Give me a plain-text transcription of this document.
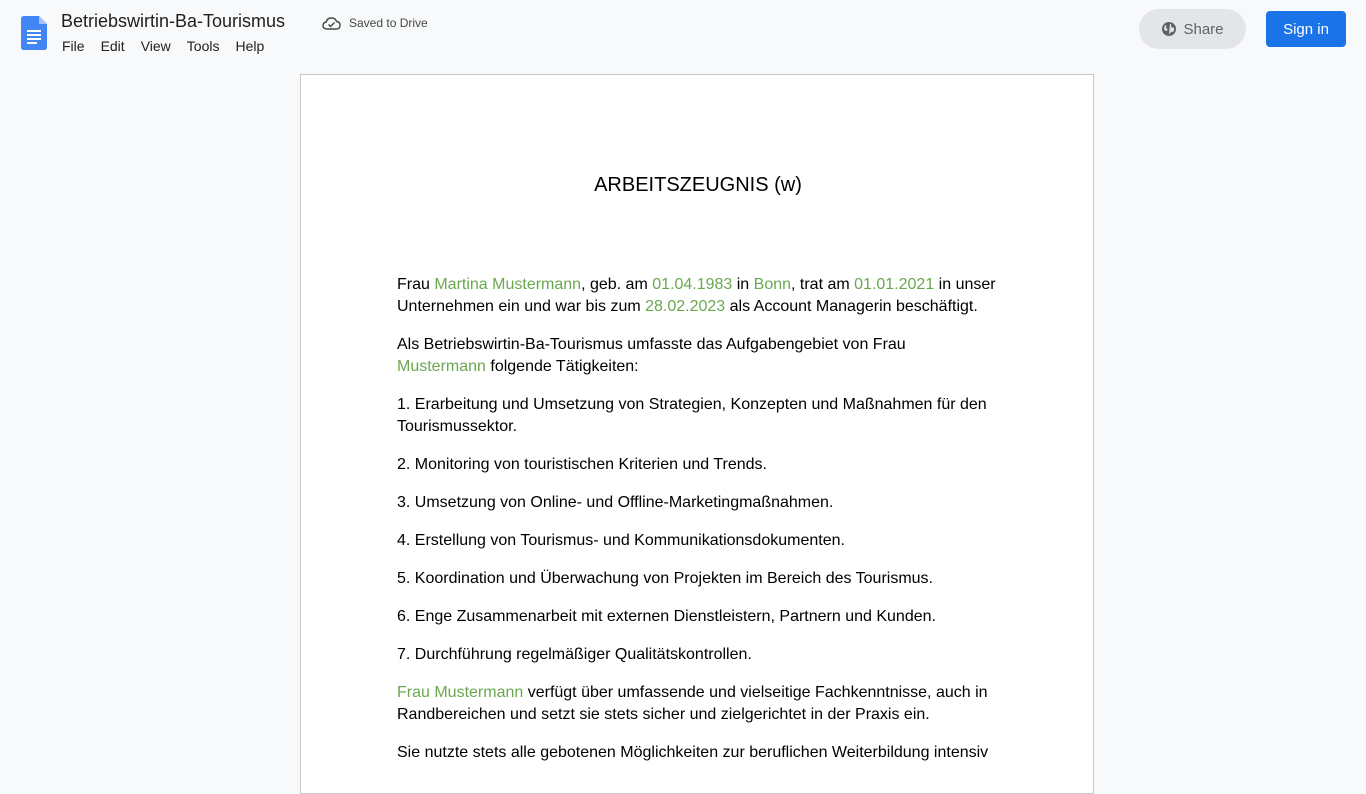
Betriebswirtin-Ba-Tourismus	Saved to Drive
File	Edit	View	Tools	Help
Share	Sign in
ARBEITSZEUGNIS (w)

Frau Martina Mustermann, geb. am 01.04.1983 in Bonn, trat am 01.01.2021 in unser Unternehmen ein und war bis zum 28.02.2023 als Account Managerin beschäftigt.

Als Betriebswirtin-Ba-Tourismus umfasste das Aufgabengebiet von Frau Mustermann folgende Tätigkeiten:

1. Erarbeitung und Umsetzung von Strategien, Konzepten und Maßnahmen für den Tourismussektor.

2. Monitoring von touristischen Kriterien und Trends.

3. Umsetzung von Online- und Offline-Marketingmaßnahmen.

4. Erstellung von Tourismus- und Kommunikationsdokumenten.

5. Koordination und Überwachung von Projekten im Bereich des Tourismus.

6. Enge Zusammenarbeit mit externen Dienstleistern, Partnern und Kunden.

7. Durchführung regelmäßiger Qualitätskontrollen.

Frau Mustermann verfügt über umfassende und vielseitige Fachkenntnisse, auch in Randbereichen und setzt sie stets sicher und zielgerichtet in der Praxis ein.

Sie nutzte stets alle gebotenen Möglichkeiten zur beruflichen Weiterbildung intensiv
